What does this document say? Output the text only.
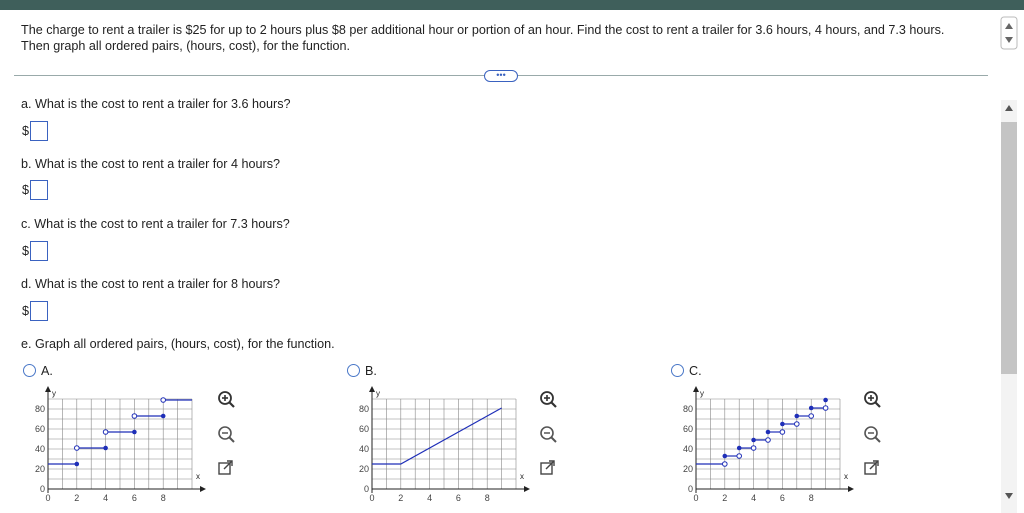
The charge to rent a trailer is $25 for up to 2 hours plus $8 per additional hour or portion of an hour. Find the cost to rent a trailer for 3.6 hours, 4 hours, and 7.3 hours. Then graph all ordered pairs, (hours, cost), for the function.
•••
a. What is the cost to rent a trailer for 3.6 hours?
$
b. What is the cost to rent a trailer for 4 hours?
$
c. What is the cost to rent a trailer for 7.3 hours?
$
d. What is the cost to rent a trailer for 8 hours?
$
e. Graph all ordered pairs, (hours, cost), for the function.
A.	B.	C.
x
y
0	2	4	6	8
0
20
40
60
80
x
y
0	2	4	6	8
0
20
40
60
80
x
y
0	2	4	6	8
0
20
40
60
80
